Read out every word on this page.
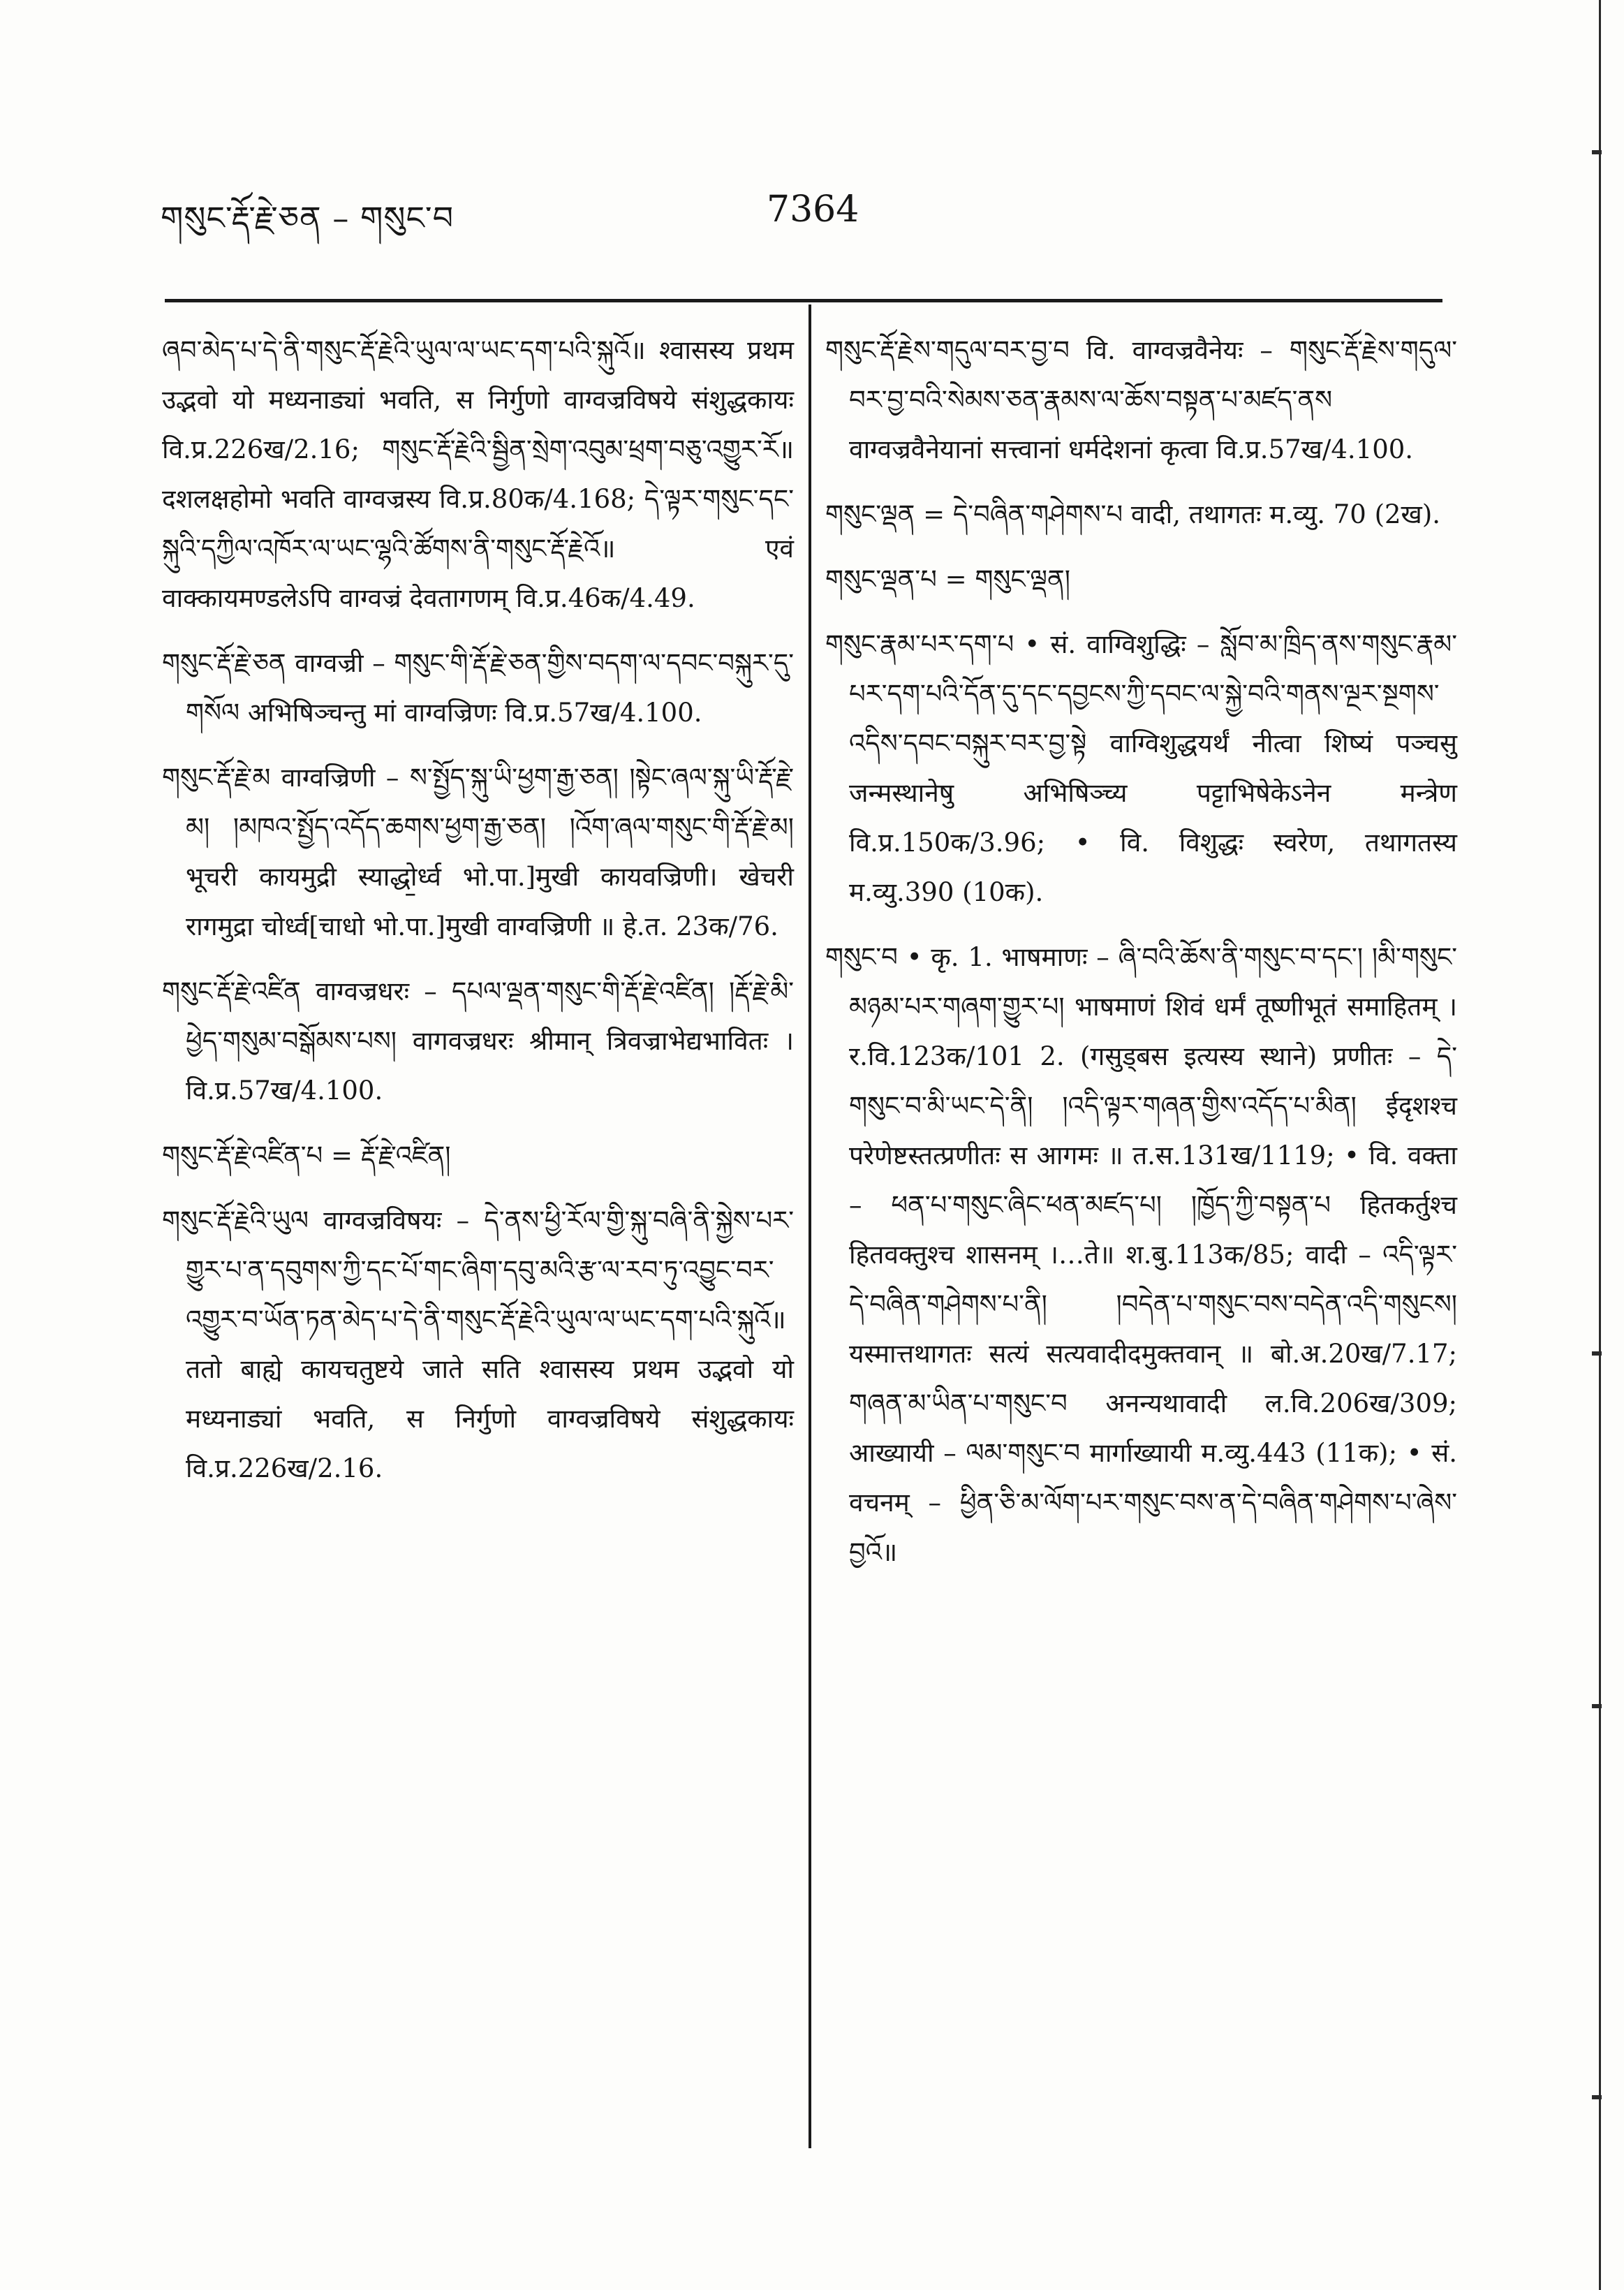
གསུང་རྡོ་རྗེ་ཅན – གསུང་བ	7364

ཞབ་མེད་པ་དེ་ནི་གསུང་རྡོ་རྗེའི་ཡུལ་ལ་ཡང་དག་པའི་སྐུའོ॥ श्वासस्य प्रथम उद्भवो यो मध्यनाड्यां भवति, स निर्गुणो वाग्वज्रविषये संशुद्धकायः वि.प्र.226ख/2.16; གསུང་རྡོ་རྗེའི་སྦྱིན་སྲེག་འབུམ་ཕྲག་བཅུ་འགྱུར་རོ॥ दशलक्षहोमो भवति वाग्वज्रस्य वि.प्र.80क/4.168; དེ་ལྟར་གསུང་དང་སྐུའི་དཀྱིལ་འཁོར་ལ་ཡང་ལྷའི་ཚོགས་ནི་གསུང་རྡོ་རྗེའོ॥ एवं वाक्कायमण्डलेऽपि वाग्वज्रं देवतागणम् वि.प्र.46क/4.49.

གསུང་རྡོ་རྗེ་ཅན वाग्वज्री – གསུང་གི་རྡོ་རྗེ་ཅན་གྱིས་བདག་ལ་དབང་བསྐུར་དུ་གསོལ अभिषिञ्चन्तु मां वाग्वज्रिणः वि.प्र.57ख/4.100.

གསུང་རྡོ་རྗེ་མ वाग्वज्रिणी – ས་སྤྱོད་སྐུ་ཡི་ཕྱག་རྒྱ་ཅན། །སྟེང་ཞལ་སྐུ་ཡི་རྡོ་རྗེ་མ། །མཁའ་སྤྱོད་འདོད་ཆགས་ཕྱག་རྒྱ་ཅན། །འོག་ཞལ་གསུང་གི་རྡོ་རྗེ་མ། भूचरी कायमुद्री स्याद्धो॒र्ध्व भो.पा.]मुखी कायवज्रिणी। खेचरी रागमुद्रा चोर्ध्व[चाधो भो.पा.]मुखी वाग्वज्रिणी ॥ हे.त. 23क/76.

གསུང་རྡོ་རྗེ་འཛིན वाग्वज्रधरः – དཔལ་ལྡན་གསུང་གི་རྡོ་རྗེ་འཛིན། །རྡོ་རྗེ་མི་ཕྱེད་གསུམ་བསྒོམས་པས། वागवज्रधरः श्रीमान् त्रिवज्राभेद्यभावितः । वि.प्र.57ख/4.100.

གསུང་རྡོ་རྗེ་འཛིན་པ = རྡོ་རྗེ་འཛིན།

གསུང་རྡོ་རྗེའི་ཡུལ वाग्वज्रविषयः – དེ་ནས་ཕྱི་རོལ་གྱི་སྐུ་བཞི་ནི་སྐྱེས་པར་གྱུར་པ་ན་དབུགས་ཀྱི་དང་པོ་གང་ཞིག་དབུ་མའི་རྩ་ལ་རབ་ཏུ་འབྱུང་བར་འགྱུར་བ་ཡོན་ཏན་མེད་པ་དེ་ནི་གསུང་རྡོ་རྗེའི་ཡུལ་ལ་ཡང་དག་པའི་སྐུའོ॥ ततो बाह्ये कायचतुष्टये जाते सति श्वासस्य प्रथम उद्भवो यो मध्यनाड्यां भवति, स निर्गुणो वाग्वज्रविषये संशुद्धकायः वि.प्र.226ख/2.16.

གསུང་རྡོ་རྗེས་གདུལ་བར་བྱ་བ वि. वाग्वज्रवैनेयः – གསུང་རྡོ་རྗེས་གདུལ་བར་བྱ་བའི་སེམས་ཅན་རྣམས་ལ་ཆོས་བསྟན་པ་མཛད་ནས वाग्वज्रवैनेयानां सत्त्वानां धर्मदेशनां कृत्वा वि.प्र.57ख/4.100.

གསུང་ལྡན = དེ་བཞིན་གཤེགས་པ वादी, तथागतः म.व्यु. 70 (2ख).

གསུང་ལྡན་པ = གསུང་ལྡན།

གསུང་རྣམ་པར་དག་པ • सं. वाग्विशुद्धिः – སློབ་མ་ཁྲིད་ནས་གསུང་རྣམ་པར་དག་པའི་དོན་དུ་དང་དབྱངས་ཀྱི་དབང་ལ་སྐྱེ་བའི་གནས་ལྔར་སྔགས་འདིས་དབང་བསྐུར་བར་བྱ་སྟེ वाग्विशुद्धयर्थं नीत्वा शिष्यं पञ्चसु जन्मस्थानेषु अभिषिञ्च्य पट्टाभिषेकेऽनेन मन्त्रेण वि.प्र.150क/3.96; • वि. विशुद्धः स्वरेण, तथागतस्य म.व्यु.390 (10क).

གསུང་བ • कृ. 1. भाषमाणः – ཞི་བའི་ཆོས་ནི་གསུང་བ་དང་། །མི་གསུང་མཉམ་པར་གཞག་གྱུར་པ། भाषमाणं शिवं धर्मं तूष्णीभूतं समाहितम् । र.वि.123क/101 2. (गसुड्बस इत्यस्य स्थाने) प्रणीतः – དེ་གསུང་བ་མི་ཡང་དེ་ནི། །འདི་ལྟར་གཞན་གྱིས་འདོད་པ་མིན། ईदृशश्च परेणेष्टस्तत्प्रणीतः स आगमः ॥ त.स.131ख/1119; • वि. वक्ता – ཕན་པ་གསུང་ཞིང་ཕན་མཛད་པ། །ཁྱོད་ཀྱི་བསྟན་པ हितकर्तुश्च हितवक्तुश्च शासनम् ।…ते॥ श.बु.113क/85; वादी – འདི་ལྟར་དེ་བཞིན་གཤེགས་པ་ནི། །བདེན་པ་གསུང་བས་བདེན་འདི་གསུངས། यस्मात्तथागतः सत्यं सत्यवादीदमुक्तवान् ॥ बो.अ.20ख/7.17; གཞན་མ་ཡིན་པ་གསུང་བ अनन्यथावादी ल.वि.206ख/309; आख्यायी – ལམ་གསུང་བ मार्गाख्यायी म.व्यु.443 (11क); • सं. वचनम् – ཕྱིན་ཅི་མ་ལོག་པར་གསུང་བས་ན་དེ་བཞིན་གཤེགས་པ་ཞེས་བྱའོ॥
